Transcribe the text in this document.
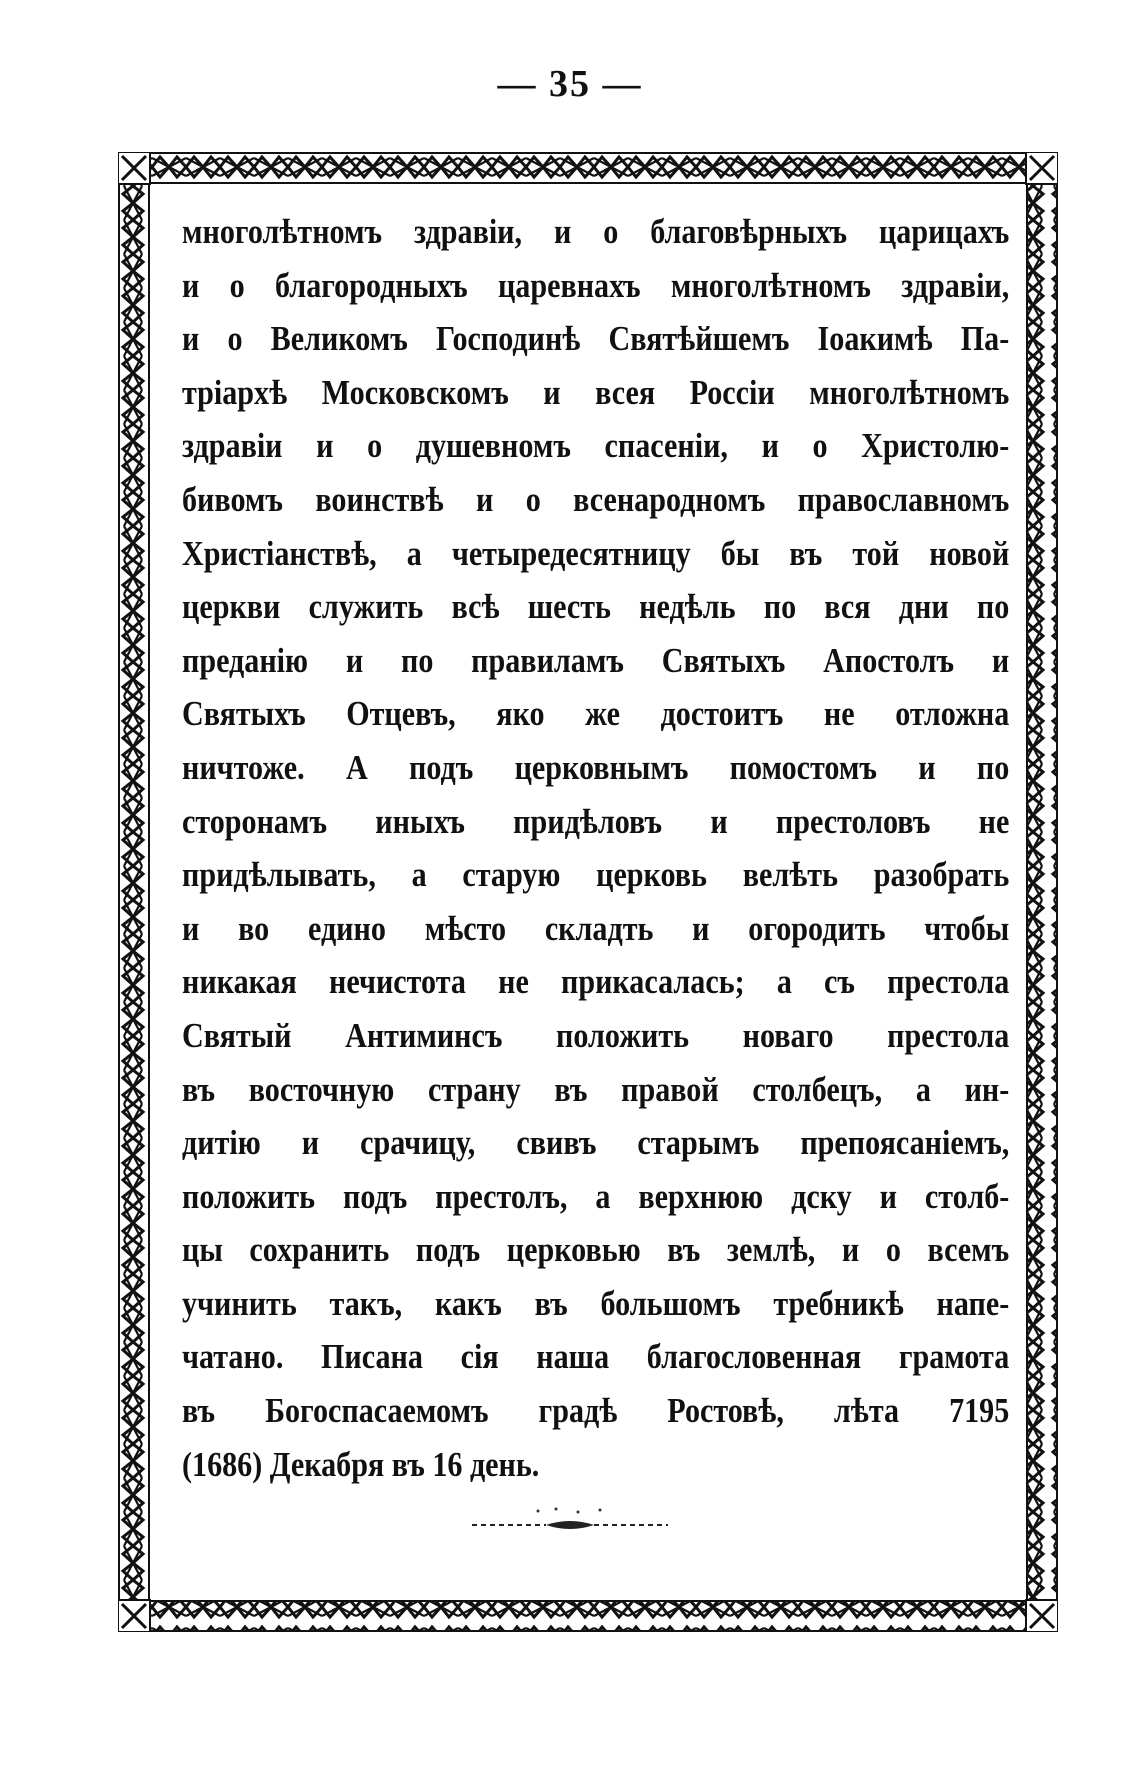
— 35 —
многолѣтномъ здравіи, и о благовѣрныхъ царицахъ
и о благородныхъ царевнахъ многолѣтномъ здравіи,
и о Великомъ Господинѣ Святѣйшемъ Іоакимѣ Па-
тріархѣ Московскомъ и всея Россіи многолѣтномъ
здравіи и о душевномъ спасеніи, и о Христолю-
бивомъ воинствѣ и о всенародномъ православномъ
Христіанствѣ, а четыредесятницу бы въ той новой
церкви служить всѣ шесть недѣль по вся дни по
преданію и по правиламъ Святыхъ Апостолъ и
Святыхъ Отцевъ, яко же достоитъ не отложна
ничтоже. А подъ церковнымъ помостомъ и по
сторонамъ иныхъ придѣловъ и престоловъ не
придѣлывать, а старую церковь велѣть разобрать
и во едино мѣсто складть и огородить чтобы
никакая нечистота не прикасалась; а съ престола
Святый Антиминсъ положить новаго престола
въ восточную страну въ правой столбецъ, а ин-
дитію и срачицу, свивъ старымъ препоясаніемъ,
положить подъ престолъ, а верхнюю дску и столб-
цы сохранить подъ церковью въ землѣ, и о всемъ
учинить такъ, какъ въ большомъ требникѣ напе-
чатано. Писана сія наша благословенная грамота
въ Богоспасаемомъ градѣ Ростовѣ, лѣта 7195
(1686) Декабря въ 16 день.
